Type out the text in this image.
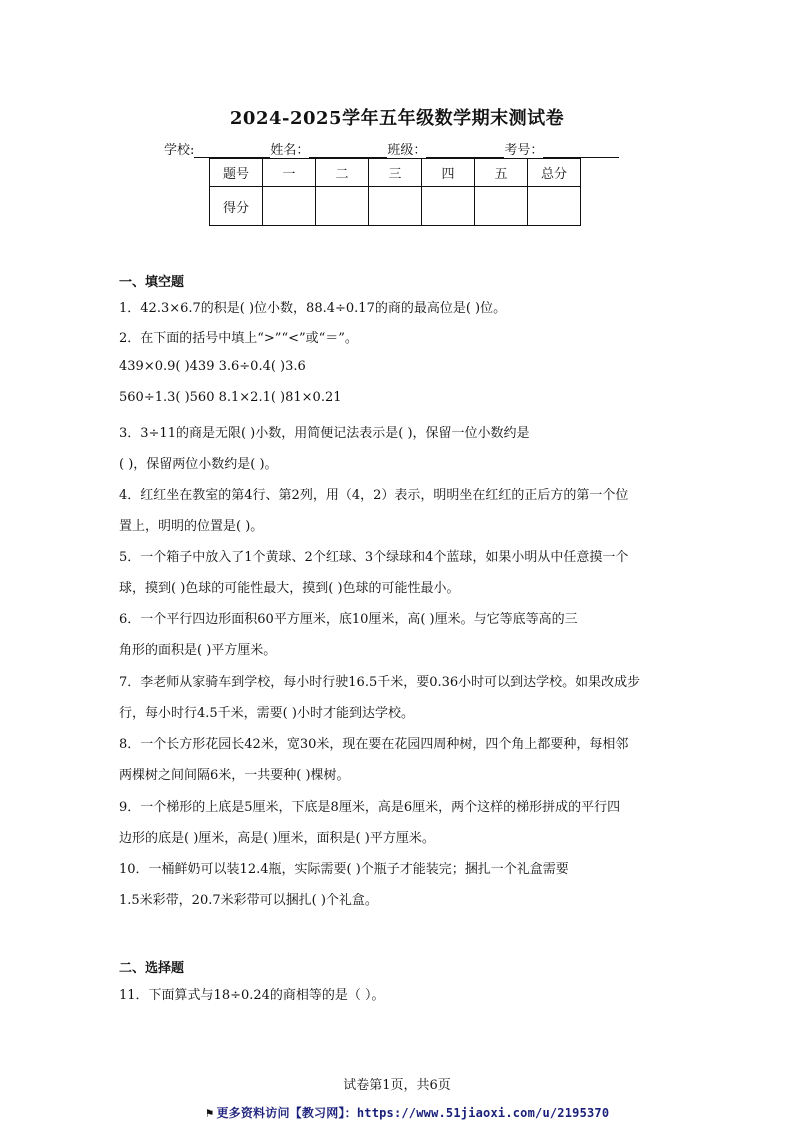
2024-2025学年五年级数学期末测试卷
学校:	姓名：	班级：	考号：
题号	一	二	三	四	五	总分
得分						
一、填空题
1．42.3×6.7的积是( )位小数，88.4÷0.17的商的最高位是( )位。
2．在下面的括号中填上“>”“<”或“＝”。
439×0.9( )439 3.6÷0.4( )3.6
560÷1.3( )560 8.1×2.1( )81×0.21
3．3÷11的商是无限( )小数，用简便记法表示是( )，保留一位小数约是
( )，保留两位小数约是( )。
4．红红坐在教室的第4行、第2列，用（4，2）表示，明明坐在红红的正后方的第一个位
置上，明明的位置是( )。
5．一个箱子中放入了1个黄球、2个红球、3个绿球和4个蓝球，如果小明从中任意摸一个
球，摸到( )色球的可能性最大，摸到( )色球的可能性最小。
6．一个平行四边形面积60平方厘米，底10厘米，高( )厘米。与它等底等高的三
角形的面积是( )平方厘米。
7．李老师从家骑车到学校，每小时行驶16.5千米，要0.36小时可以到达学校。如果改成步
行，每小时行4.5千米，需要( )小时才能到达学校。
8．一个长方形花园长42米，宽30米，现在要在花园四周种树，四个角上都要种，每相邻
两棵树之间间隔6米，一共要种( )棵树。
9．一个梯形的上底是5厘米，下底是8厘米，高是6厘米，两个这样的梯形拼成的平行四
边形的底是( )厘米，高是( )厘米，面积是( )平方厘米。
10．一桶鲜奶可以装12.4瓶，实际需要( )个瓶子才能装完；捆扎一个礼盒需要
1.5米彩带，20.7米彩带可以捆扎( )个礼盒。
二、选择题
11．下面算式与18÷0.24的商相等的是（ ）。
试卷第1页，共6页
⚑ 更多资料访问【教习网】：https://www.51jiaoxi.com/u/2195370
